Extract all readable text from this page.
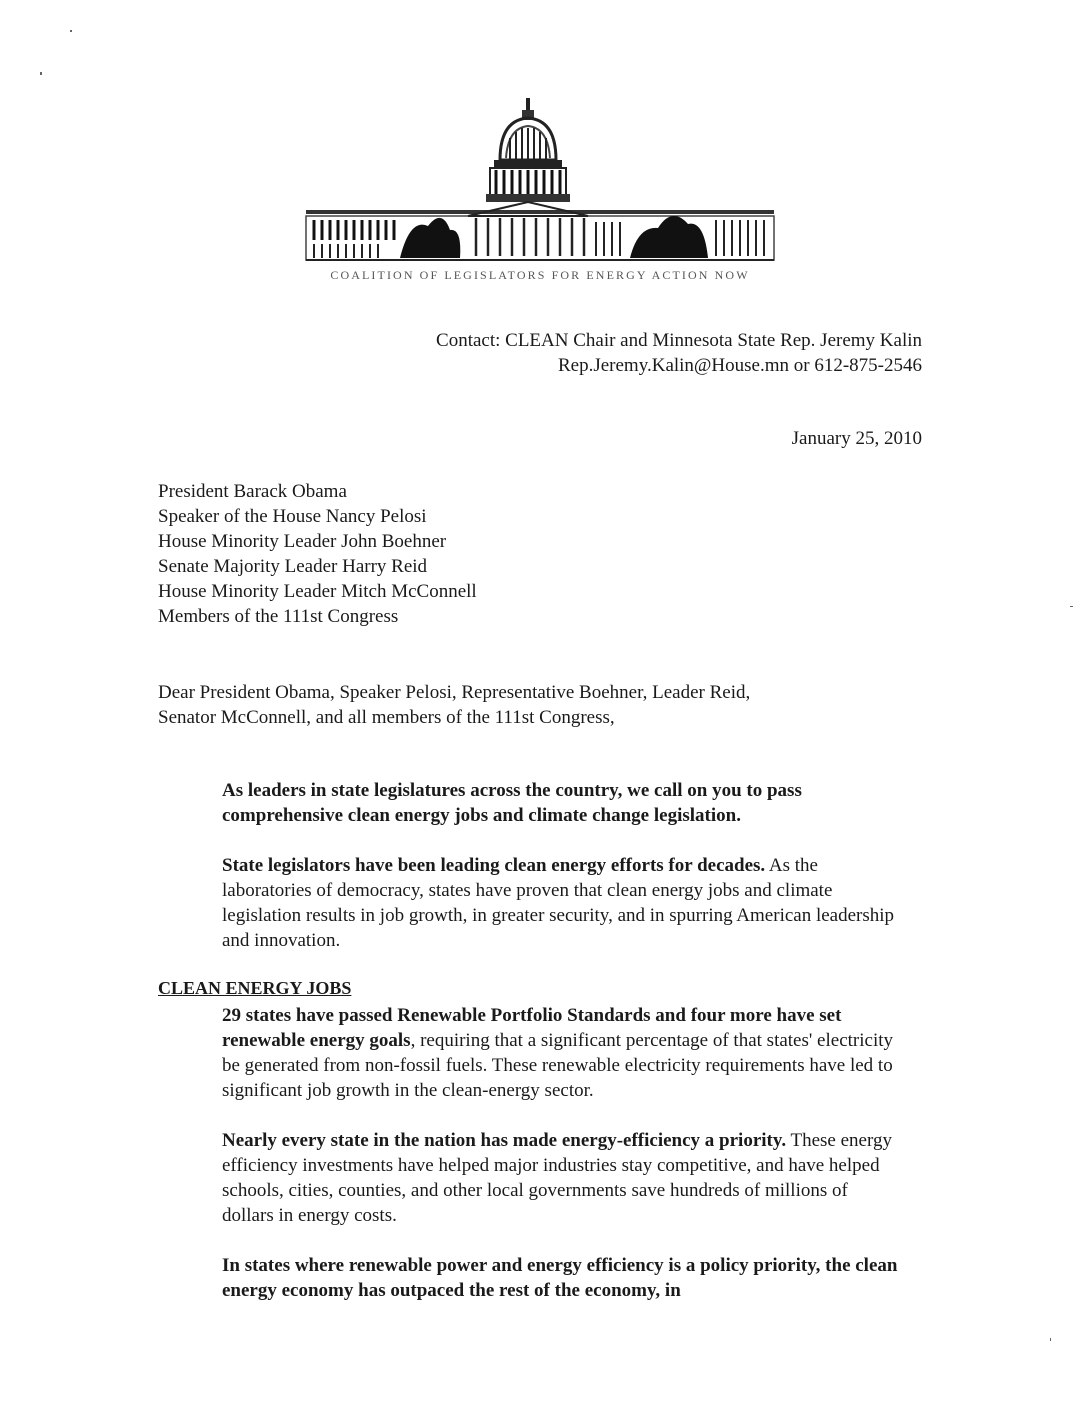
COALITION OF LEGISLATORS FOR ENERGY ACTION NOW
Contact: CLEAN Chair and Minnesota State Rep. Jeremy Kalin
Rep.Jeremy.Kalin@House.mn or 612-875-2546
January 25, 2010
President Barack Obama
Speaker of the House Nancy Pelosi
House Minority Leader John Boehner
Senate Majority Leader Harry Reid
House Minority Leader Mitch McConnell
Members of the 111st Congress
Dear President Obama, Speaker Pelosi, Representative Boehner, Leader Reid,
Senator McConnell, and all members of the 111st Congress,
As leaders in state legislatures across the country, we call on you to pass comprehensive clean energy jobs and climate change legislation.
State legislators have been leading clean energy efforts for decades. As the laboratories of democracy, states have proven that clean energy jobs and climate legislation results in job growth, in greater security, and in spurring American leadership and innovation.
CLEAN ENERGY JOBS
29 states have passed Renewable Portfolio Standards and four more have set renewable energy goals, requiring that a significant percentage of that states' electricity be generated from non-fossil fuels. These renewable electricity requirements have led to significant job growth in the clean-energy sector.
Nearly every state in the nation has made energy-efficiency a priority. These energy efficiency investments have helped major industries stay competitive, and have helped schools, cities, counties, and other local governments save hundreds of millions of dollars in energy costs.
In states where renewable power and energy efficiency is a policy priority, the clean energy economy has outpaced the rest of the economy, in
